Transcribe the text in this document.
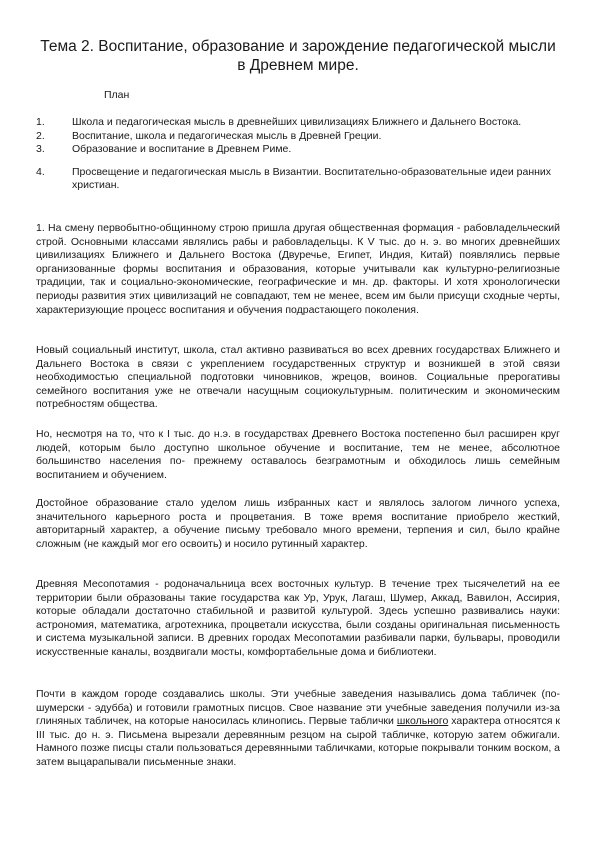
Тема 2. Воспитание, образование и зарождение педагогической мысли в Древнем мире.

План

1.	Школа и педагогическая мысль в древнейших цивилизациях Ближнего и Дальнего Востока.
2.	Воспитание, школа и педагогическая мысль в Древней Греции.
3.	Образование и воспитание в Древнем Риме.
4.	Просвещение и педагогическая мысль в Византии. Воспитательно-образовательные идеи ранних христиан.

1. На смену первобытно-общинному строю пришла другая общественная формация - рабовладельческий строй. Основными классами являлись рабы и рабовладельцы. К V тыс. до н. э. во многих древнейших цивилизациях Ближнего и Дальнего Востока (Двуречье, Египет, Индия, Китай) появлялись первые организованные формы воспитания и образования, которые учитывали как культурно-религиозные традиции, так и социально-экономические, географические и мн. др. факторы. И хотя хронологически периоды развития этих цивилизаций не совпадают, тем не менее, всем им были присущи сходные черты, характеризующие процесс воспитания и обучения подрастающего поколения.

Новый социальный институт, школа, стал активно развиваться во всех древних государствах Ближнего и Дальнего Востока в связи с укреплением государственных структур и возникшей в этой связи необходимостью специальной подготовки чиновников, жрецов, воинов. Социальные прерогативы семейного воспитания уже не отвечали насущным социокультурным. политическим и экономическим потребностям общества.

Но, несмотря на то, что к I тыс. до н.э. в государствах Древнего Востока постепенно был расширен круг людей, которым было доступно школьное обучение и воспитание, тем не менее, абсолютное большинство населения по- прежнему оставалось безграмотным и обходилось лишь семейным воспитанием и обучением.

Достойное образование стало уделом лишь избранных каст и являлось залогом личного успеха, значительного карьерного роста и процветания. В тоже время воспитание приобрело жесткий, авторитарный характер, а обучение письму требовало много времени, терпения и сил, было крайне сложным (не каждый мог его освоить) и носило рутинный характер.

Древняя Месопотамия - родоначальница всех восточных культур. В течение трех тысячелетий на ее территории были образованы такие государства как Ур, Урук, Лагаш, Шумер, Аккад, Вавилон, Ассирия, которые обладали достаточно стабильной и развитой культурой. Здесь успешно развивались науки: астрономия, математика, агротехника, процветали искусства, были созданы оригинальная письменность и система музыкальной записи. В древних городах Месопотамии разбивали парки, бульвары, проводили искусственные каналы, воздвигали мосты, комфортабельные дома и библиотеки.

Почти в каждом городе создавались школы. Эти учебные заведения назывались дома табличек (по-шумерски - эдубба) и готовили грамотных писцов. Свое название эти учебные заведения получили из-за глиняных табличек, на которые наносилась клинопись. Первые таблички школьного характера относятся к III тыс. до н. э. Письмена вырезали деревянным резцом на сырой табличке, которую затем обжигали. Намного позже писцы стали пользоваться деревянными табличками, которые покрывали тонким воском, а затем выцарапывали письменные знаки.
